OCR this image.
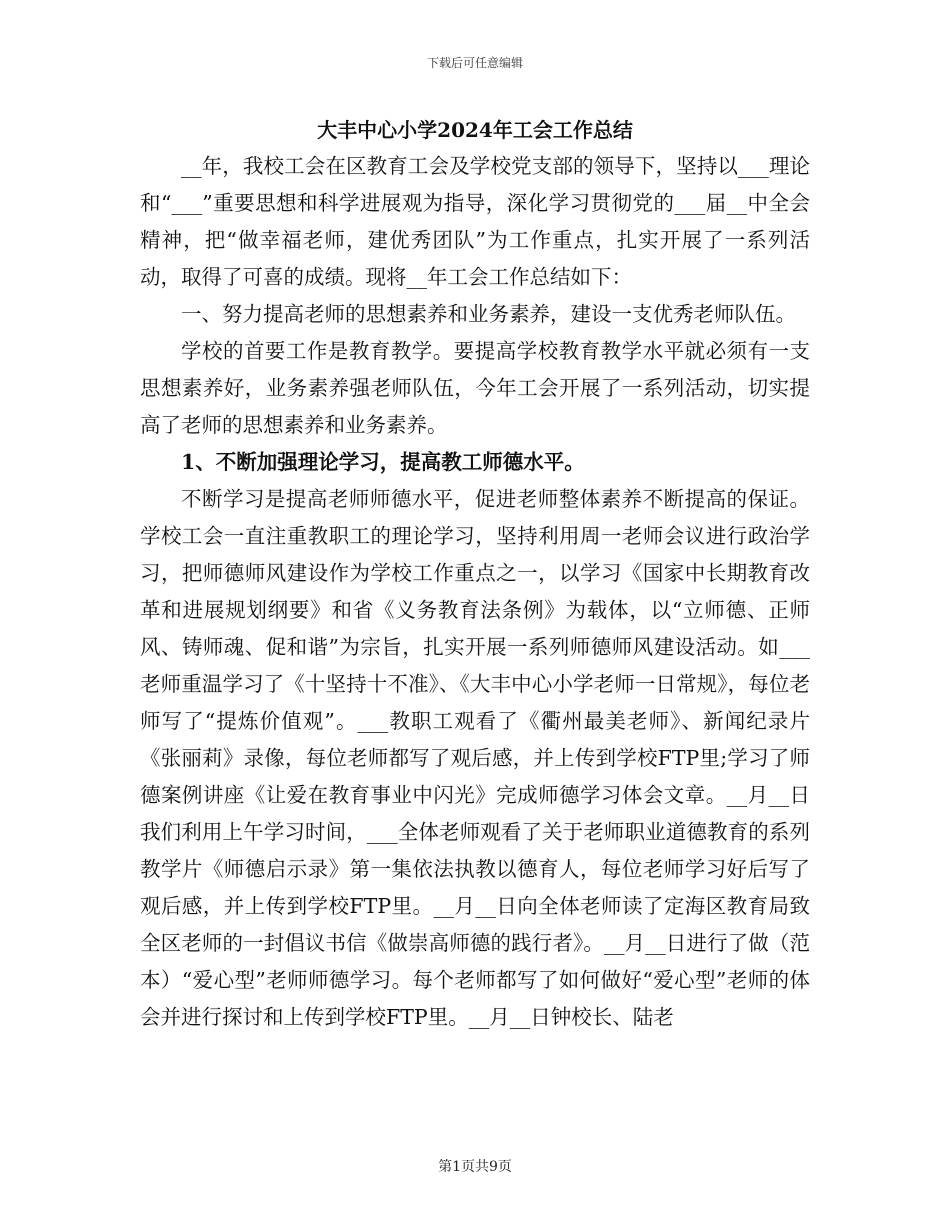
下载后可任意编辑
大丰中心小学2024年工会工作总结

__年，我校工会在区教育工会及学校党支部的领导下，坚持以___理论和“___”重要思想和科学进展观为指导，深化学习贯彻党的___届__中全会精神，把“做幸福老师，建优秀团队”为工作重点，扎实开展了一系列活动，取得了可喜的成绩。现将__年工会工作总结如下：

一、努力提高老师的思想素养和业务素养，建设一支优秀老师队伍。

学校的首要工作是教育教学。要提高学校教育教学水平就必须有一支思想素养好，业务素养强老师队伍，今年工会开展了一系列活动，切实提高了老师的思想素养和业务素养。

1、不断加强理论学习，提高教工师德水平。

不断学习是提高老师师德水平，促进老师整体素养不断提高的保证。学校工会一直注重教职工的理论学习，坚持利用周一老师会议进行政治学习，把师德师风建设作为学校工作重点之一，以学习《国家中长期教育改革和进展规划纲要》和省《义务教育法条例》为载体，以“立师德、正师风、铸师魂、促和谐”为宗旨，扎实开展一系列师德师风建设活动。如___老师重温学习了《十坚持十不准》、《大丰中心小学老师一日常规》，每位老师写了“提炼价值观”。___教职工观看了《衢州最美老师》、新闻纪录片《张丽莉》录像，每位老师都写了观后感，并上传到学校FTP里;学习了师德案例讲座《让爱在教育事业中闪光》完成师德学习体会文章。__月__日我们利用上午学习时间，___全体老师观看了关于老师职业道德教育的系列教学片《师德启示录》第一集依法执教以德育人，每位老师学习好后写了观后感，并上传到学校FTP里。__月__日向全体老师读了定海区教育局致全区老师的一封倡议书信《做崇高师德的践行者》。__月__日进行了做（范本）“爱心型”老师师德学习。每个老师都写了如何做好“爱心型”老师的体会并进行探讨和上传到学校FTP里。__月__日钟校长、陆老

第1页共9页
